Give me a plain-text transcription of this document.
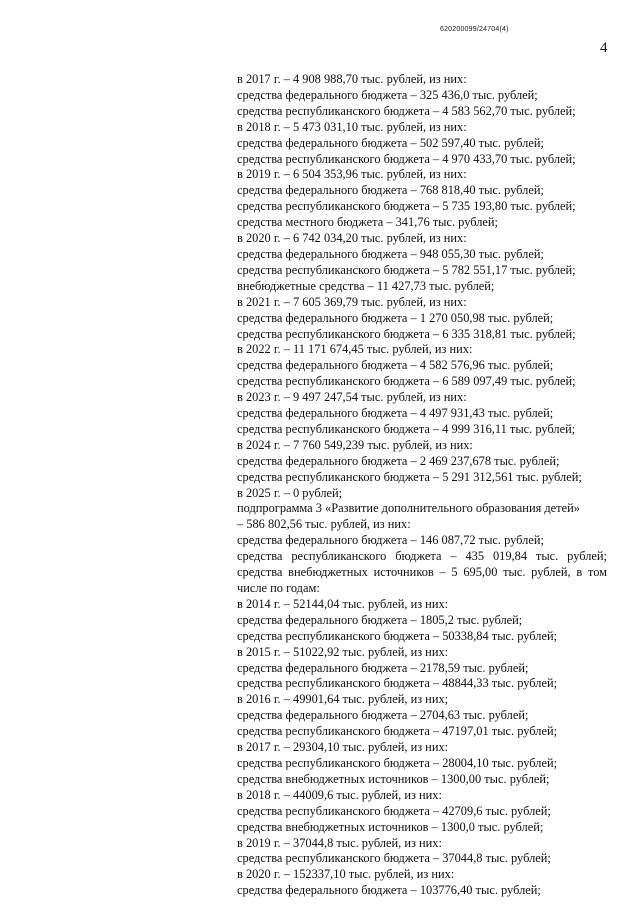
620200099/24704(4)
4
в 2017 г. – 4 908 988,70 тыс. рублей, из них:
средства федерального бюджета – 325 436,0 тыс. рублей;
средства республиканского бюджета – 4 583 562,70 тыс. рублей;
в 2018 г. – 5 473 031,10 тыс. рублей, из них:
средства федерального бюджета – 502 597,40 тыс. рублей;
средства республиканского бюджета – 4 970 433,70 тыс. рублей;
в 2019 г. – 6 504 353,96 тыс. рублей, из них:
средства федерального бюджета – 768 818,40 тыс. рублей;
средства республиканского бюджета – 5 735 193,80 тыс. рублей;
средства местного бюджета – 341,76 тыс. рублей;
в 2020 г. – 6 742 034,20 тыс. рублей, из них:
средства федерального бюджета – 948 055,30 тыс. рублей;
средства республиканского бюджета – 5 782 551,17 тыс. рублей;
внебюджетные средства – 11 427,73 тыс. рублей;
в 2021 г. – 7 605 369,79 тыс. рублей, из них:
средства федерального бюджета – 1 270 050,98 тыс. рублей;
средства республиканского бюджета – 6 335 318,81 тыс. рублей;
в 2022 г. – 11 171 674,45 тыс. рублей, из них:
средства федерального бюджета – 4 582 576,96 тыс. рублей;
средства республиканского бюджета – 6 589 097,49 тыс. рублей;
в 2023 г. – 9 497 247,54 тыс. рублей, из них:
средства федерального бюджета – 4 497 931,43 тыс. рублей;
средства республиканского бюджета – 4 999 316,11 тыс. рублей;
в 2024 г. – 7 760 549,239 тыс. рублей, из них:
средства федерального бюджета – 2 469 237,678 тыс. рублей;
средства республиканского бюджета – 5 291 312,561 тыс. рублей;
в 2025 г. – 0 рублей;
подпрограмма 3 «Развитие дополнительного образования детей»
– 586 802,56 тыс. рублей, из них:
средства федерального бюджета – 146 087,72 тыс. рублей;
средства республиканского бюджета – 435 019,84 тыс. рублей;
средства внебюджетных источников – 5 695,00 тыс. рублей, в том
числе по годам:
в 2014 г. – 52144,04 тыс. рублей, из них:
средства федерального бюджета – 1805,2 тыс. рублей;
средства республиканского бюджета – 50338,84 тыс. рублей;
в 2015 г. – 51022,92 тыс. рублей, из них:
средства федерального бюджета – 2178,59 тыс. рублей;
средства республиканского бюджета – 48844,33 тыс. рублей;
в 2016 г. – 49901,64 тыс. рублей, из них;
средства федерального бюджета – 2704,63 тыс. рублей;
средства республиканского бюджета – 47197,01 тыс. рублей;
в 2017 г. – 29304,10 тыс. рублей, из них:
средства республиканского бюджета – 28004,10 тыс. рублей;
средства внебюджетных источников – 1300,00 тыс. рублей;
в 2018 г. – 44009,6 тыс. рублей, из них:
средства республиканского бюджета – 42709,6 тыс. рублей;
средства внебюджетных источников – 1300,0 тыс. рублей;
в 2019 г. – 37044,8 тыс. рублей, из них:
средства республиканского бюджета – 37044,8 тыс. рублей;
в 2020 г. – 152337,10 тыс. рублей, из них:
средства федерального бюджета – 103776,40 тыс. рублей;
